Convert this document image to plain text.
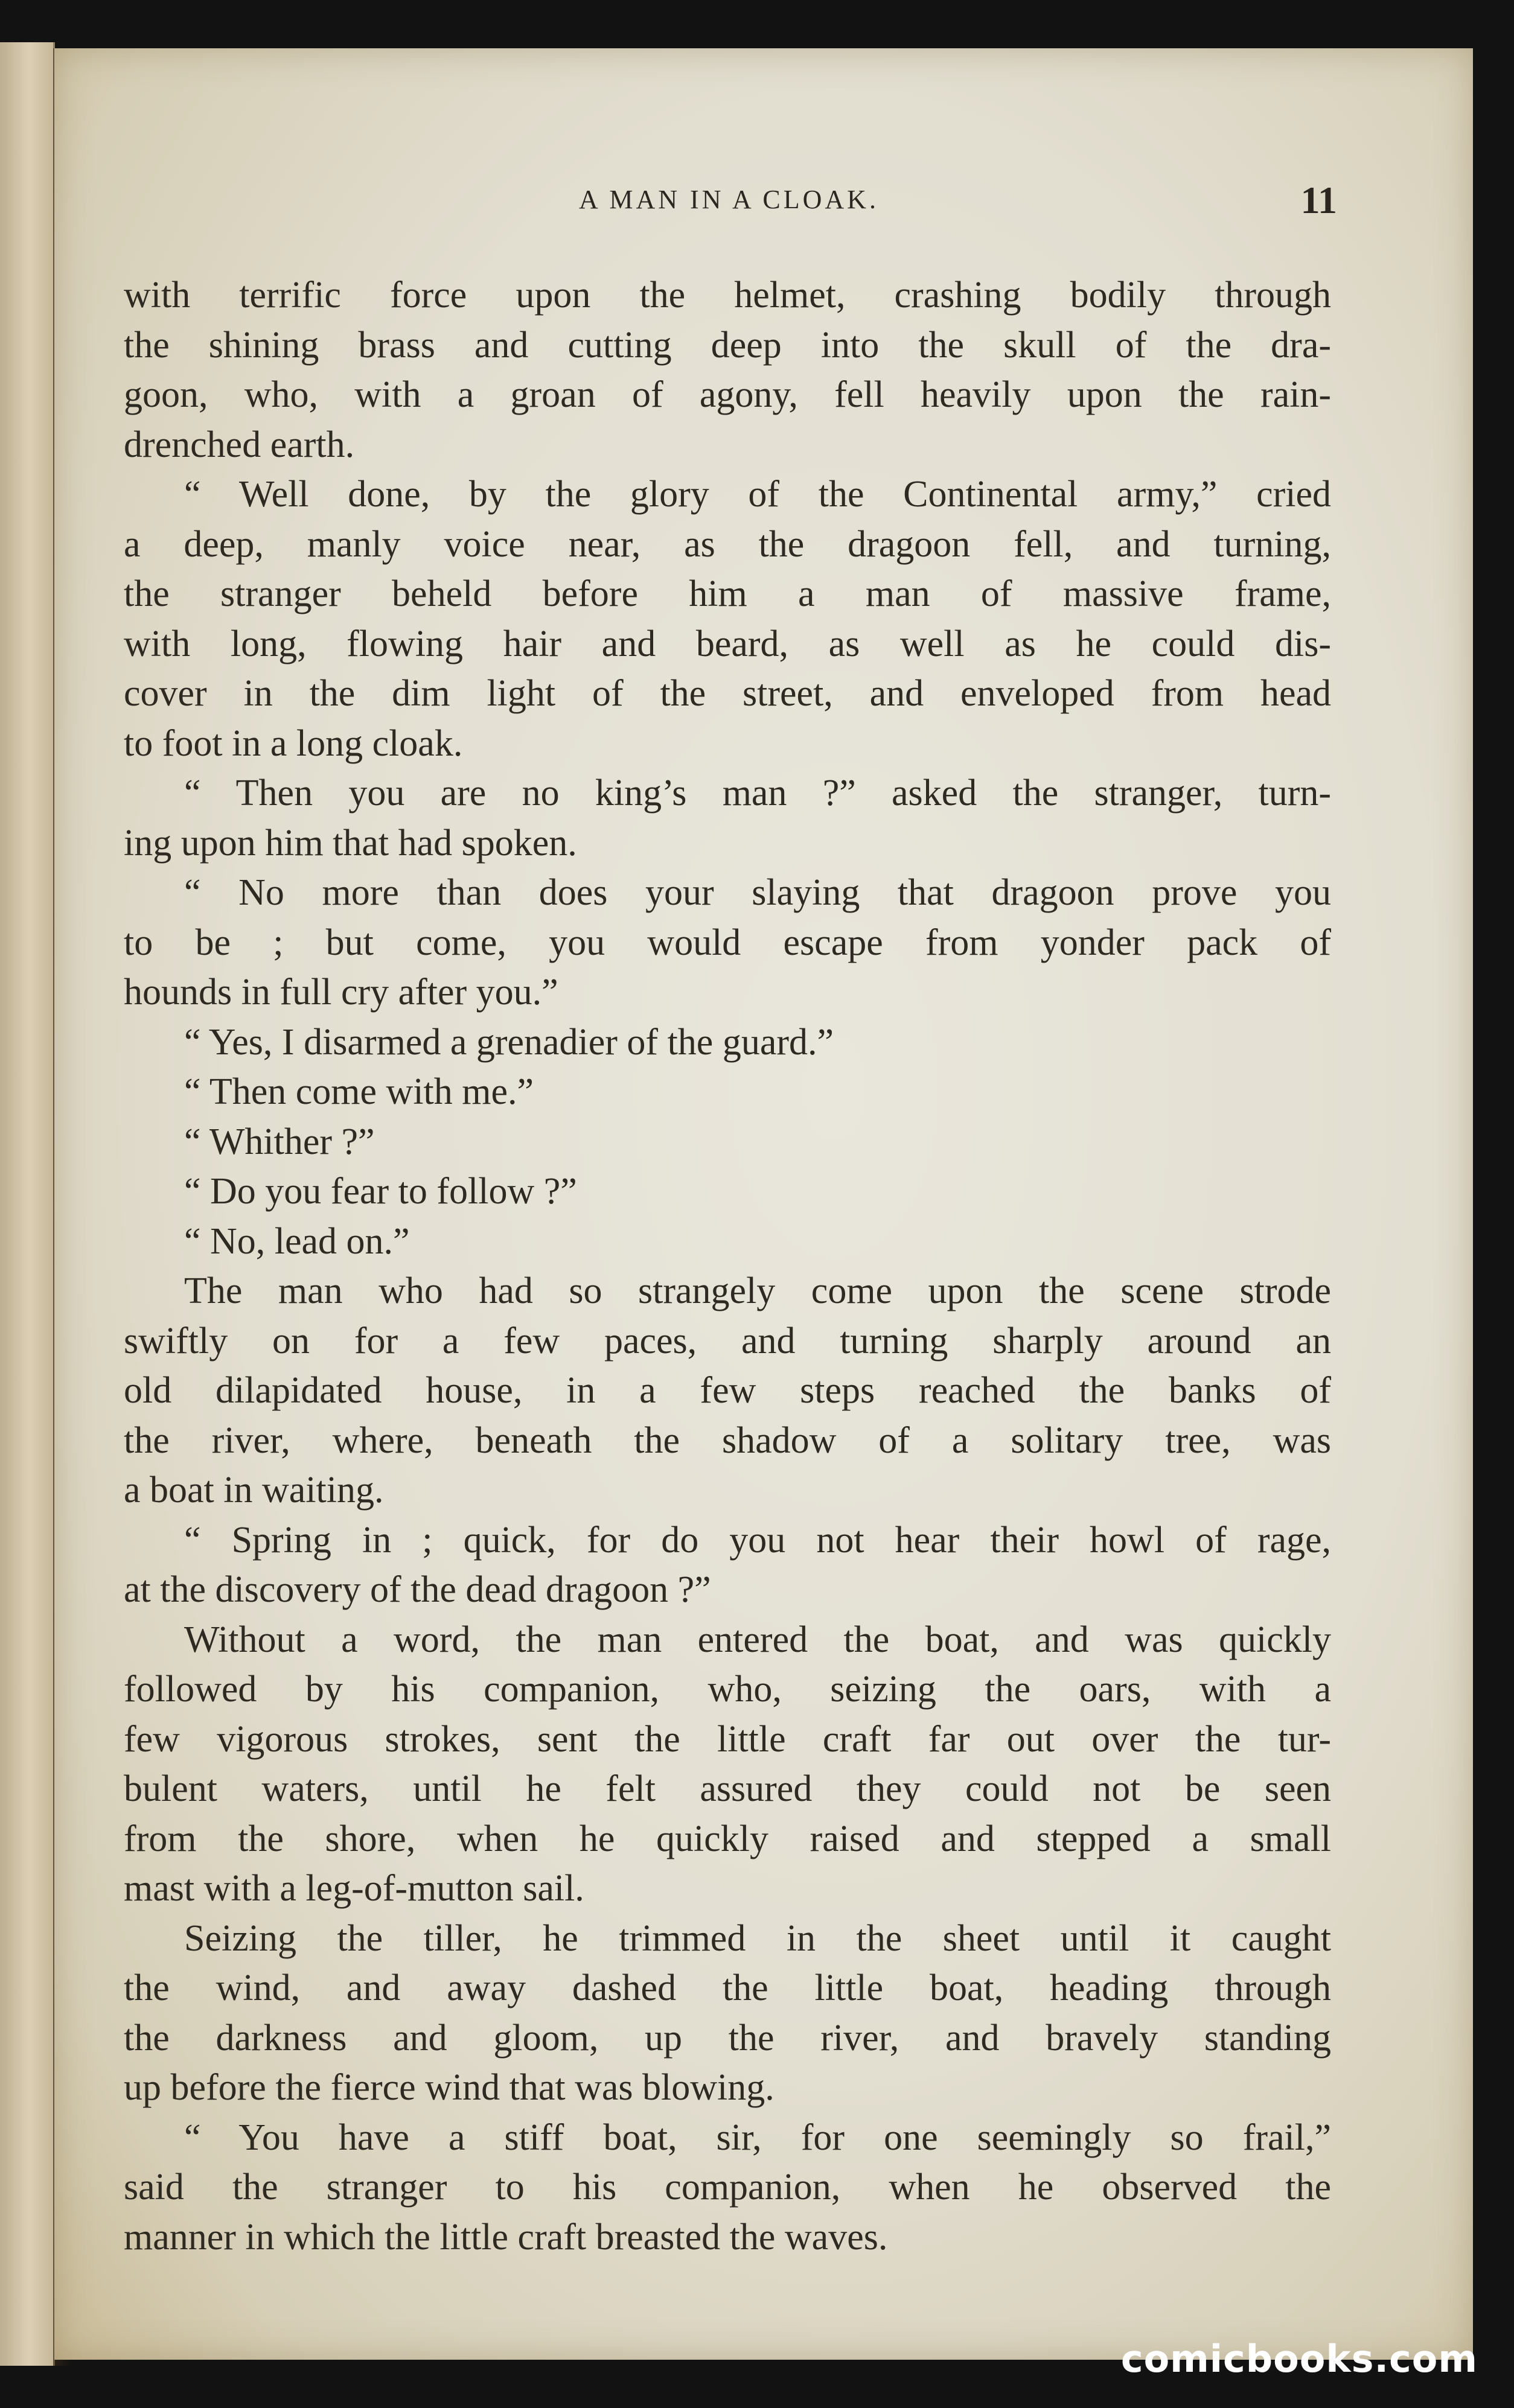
A MAN IN A CLOAK.	11

with terrific force upon the helmet, crashing bodily through

the shining brass and cutting deep into the skull of the dra-

goon, who, with a groan of agony, fell heavily upon the rain-

drenched earth.

“ Well done, by the glory of the Continental army,” cried

a deep, manly voice near, as the dragoon fell, and turning,

the stranger beheld before him a man of massive frame,

with long, flowing hair and beard, as well as he could dis-

cover in the dim light of the street, and enveloped from head

to foot in a long cloak.

“ Then you are no king’s man ?” asked the stranger, turn-

ing upon him that had spoken.

“ No more than does your slaying that dragoon prove you

to be ; but come, you would escape from yonder pack of

hounds in full cry after you.”

“ Yes, I disarmed a grenadier of the guard.”

“ Then come with me.”

“ Whither ?”

“ Do you fear to follow ?”

“ No, lead on.”

The man who had so strangely come upon the scene strode

swiftly on for a few paces, and turning sharply around an

old dilapidated house, in a few steps reached the banks of

the river, where, beneath the shadow of a solitary tree, was

a boat in waiting.

“ Spring in ; quick, for do you not hear their howl of rage,

at the discovery of the dead dragoon ?”

Without a word, the man entered the boat, and was quickly

followed by his companion, who, seizing the oars, with a

few vigorous strokes, sent the little craft far out over the tur-

bulent waters, until he felt assured they could not be seen

from the shore, when he quickly raised and stepped a small

mast with a leg-of-mutton sail.

Seizing the tiller, he trimmed in the sheet until it caught

the wind, and away dashed the little boat, heading through

the darkness and gloom, up the river, and bravely standing

up before the fierce wind that was blowing.

“ You have a stiff boat, sir, for one seemingly so frail,”

said the stranger to his companion, when he observed the

manner in which the little craft breasted the waves.

comicbooks.com
